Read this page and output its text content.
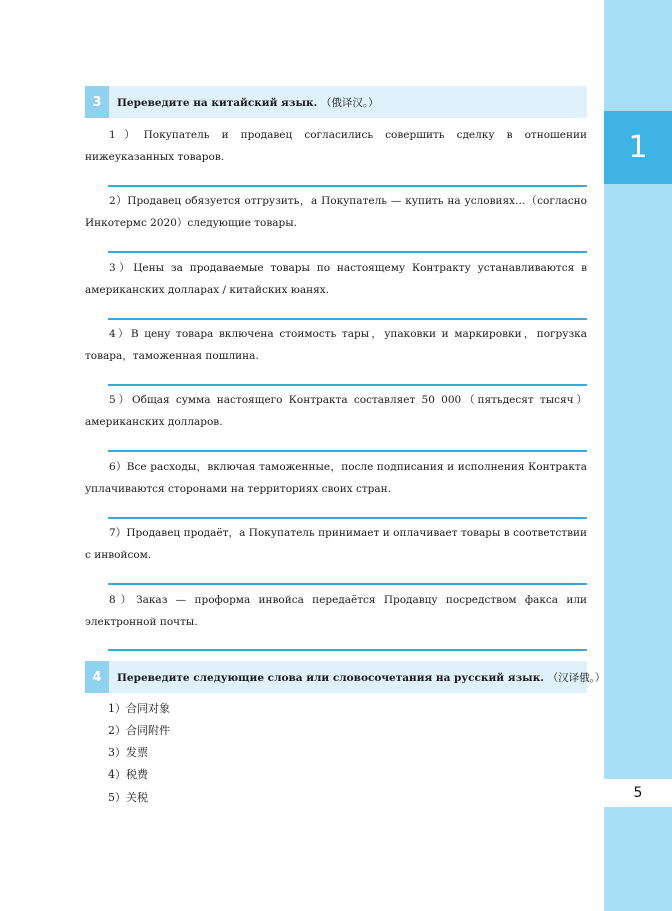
1
5
3	Переведите на китайский язык. （俄译汉。）
1）Покупатель и продавец согласились совершить сделку в отношении нижеуказанных товаров.
2）Продавец обязуется отгрузить，а Покупатель — купить на условиях…（согласно Инкотермс 2020）следующие товары.
3）Цены за продаваемые товары по настоящему Контракту устанавливаются в американских долларах / китайских юанях.
4）В цену товара включена стоимость тары，упаковки и маркировки，погрузка товара，таможенная пошлина.
5）Общая сумма настоящего Контракта составляет 50 000（пятьдесят тысяч）американских долларов.
6）Все расходы，включая таможенные，после подписания и исполнения Контракта уплачиваются сторонами на территориях своих стран.
7）Продавец продаёт，а Покупатель принимает и оплачивает товары в соответствии с инвойсом.
8）Заказ — проформа инвойса передаётся Продавцу посредством факса или электронной почты.
4	Переведите следующие слова или словосочетания на русский язык. （汉译俄。）
1）合同对象
2）合同附件
3）发票
4）税费
5）关税
